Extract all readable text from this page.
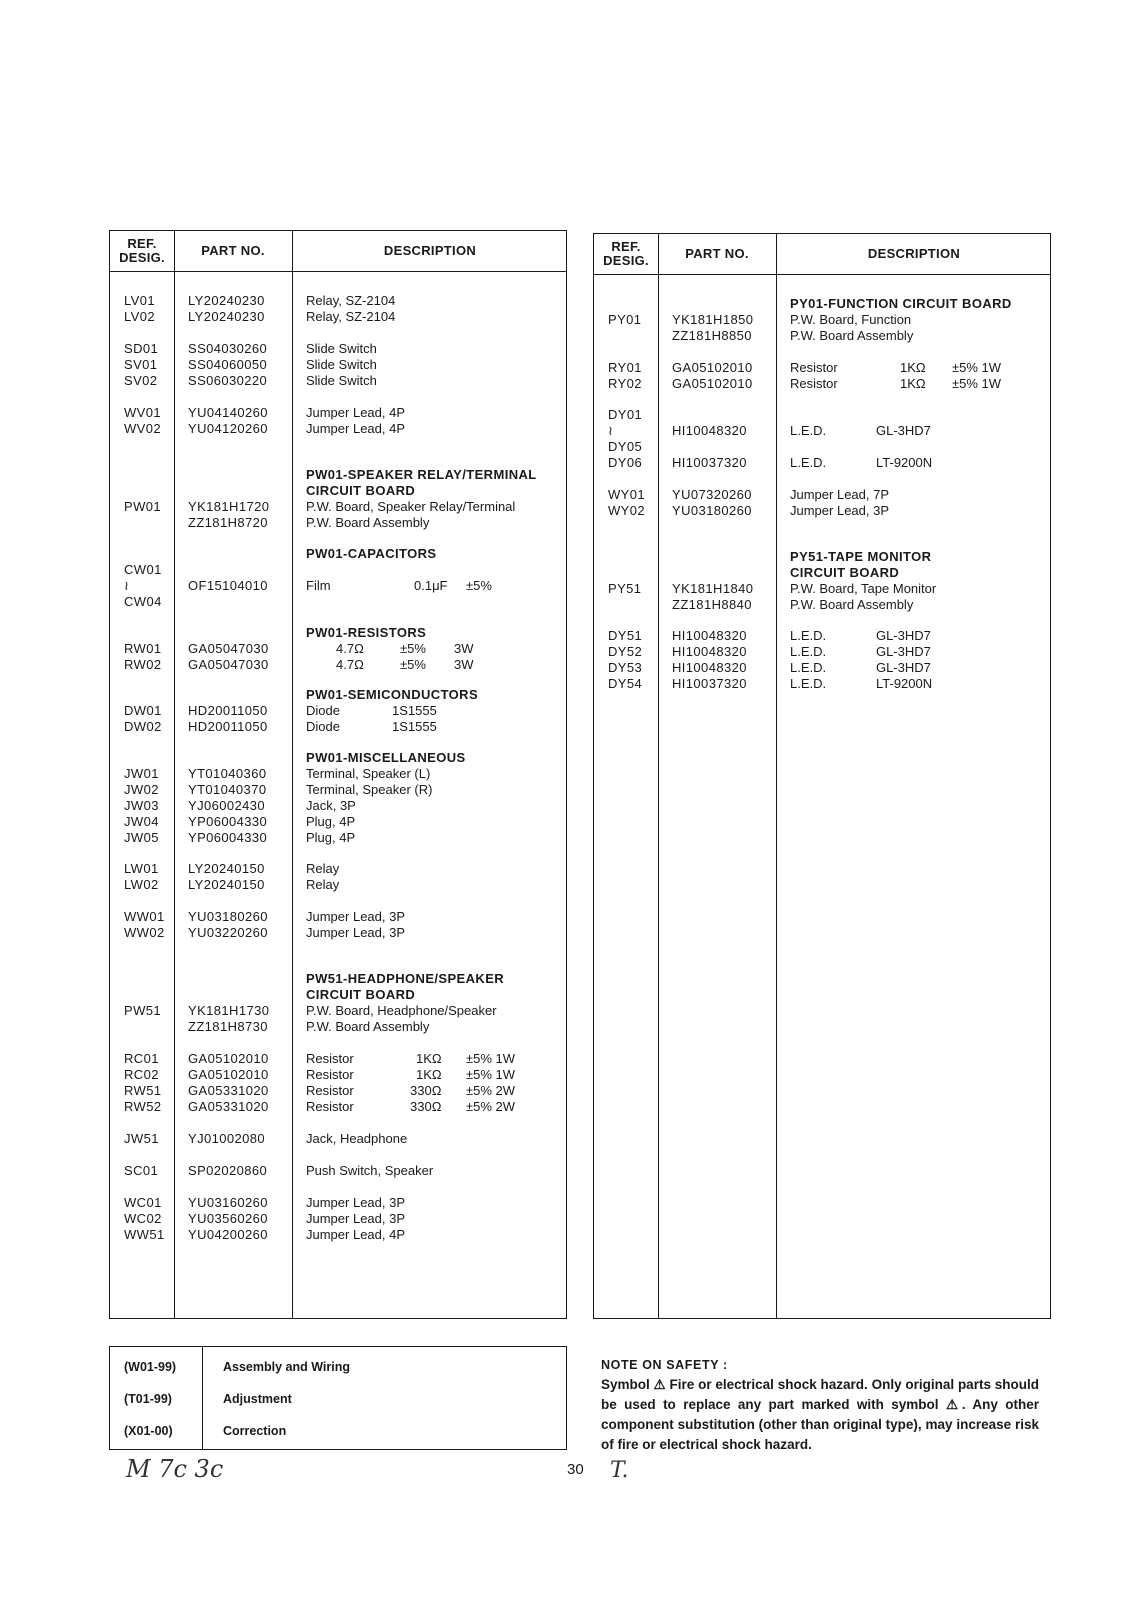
REF.
DESIG.	PART NO.	DESCRIPTION
LV01	LY20240230	Relay, SZ-2104
LV02	LY20240230	Relay, SZ-2104
SD01 SS04030260	Slide Switch
SV01 SS04060050	Slide Switch
SV02 SS06030220	Slide Switch
WV01 YU04140260	Jumper Lead, 4P
WV02 YU04120260	Jumper Lead, 4P
PW01-SPEAKER RELAY/TERMINAL
CIRCUIT BOARD
PW01 YK181H1720	P.W. Board, Speaker Relay/Terminal
ZZ181H8720	P.W. Board Assembly
PW01-CAPACITORS
CW01
≀	OF15104010	Film	0.1μF ±5%
CW04
PW01-RESISTORS
RW01 GA05047030	4.7Ω	±5% 3W
RW02 GA05047030	4.7Ω	±5% 3W
PW01-SEMICONDUCTORS
DW01 HD20011050	Diode	1S1555
DW02 HD20011050	Diode	1S1555
PW01-MISCELLANEOUS
JW01 YT01040360	Terminal, Speaker (L)
JW02 YT01040370	Terminal, Speaker (R)
JW03 YJ06002430	Jack, 3P
JW04 YP06004330	Plug, 4P
JW05 YP06004330	Plug, 4P
LW01 LY20240150	Relay
LW02 LY20240150	Relay
WW01 YU03180260	Jumper Lead, 3P
WW02 YU03220260	Jumper Lead, 3P
PW51-HEADPHONE/SPEAKER
CIRCUIT BOARD
PW51 YK181H1730	P.W. Board, Headphone/Speaker
ZZ181H8730	P.W. Board Assembly
RC01 GA05102010	Resistor	1KΩ ±5% 1W
RC02 GA05102010	Resistor	1KΩ ±5% 1W
RW51 GA05331020	Resistor	330Ω ±5% 2W
RW52 GA05331020	Resistor	330Ω ±5% 2W
JW51 YJ01002080	Jack, Headphone
SC01 SP02020860	Push Switch, Speaker
WC01 YU03160260	Jumper Lead, 3P
WC02 YU03560260	Jumper Lead, 3P
WW51 YU04200260	Jumper Lead, 4P
REF.
DESIG.	PART NO.	DESCRIPTION
PY01-FUNCTION CIRCUIT BOARD
PY01 YK181H1850	P.W. Board, Function
ZZ181H8850	P.W. Board Assembly
RY01 GA05102010	Resistor	1KΩ ±5% 1W
RY02 GA05102010	Resistor	1KΩ ±5% 1W
DY01
≀	HI10048320	L.E.D.	GL-3HD7
DY05
DY06 HI10037320	L.E.D.	LT-9200N
WY01 YU07320260	Jumper Lead, 7P
WY02 YU03180260	Jumper Lead, 3P
PY51-TAPE MONITOR
CIRCUIT BOARD
PY51 YK181H1840	P.W. Board, Tape Monitor
ZZ181H8840	P.W. Board Assembly
DY51 HI10048320	L.E.D.	GL-3HD7
DY52 HI10048320	L.E.D.	GL-3HD7
DY53 HI10048320	L.E.D.	GL-3HD7
DY54 HI10037320	L.E.D.	LT-9200N
(W01-99)	Assembly and Wiring
(T01-99)	Adjustment
(X01-00)	Correction
NOTE ON SAFETY :
Symbol ⚠ Fire or electrical shock hazard. Only original parts should be used to replace any part marked with symbol ⚠. Any other component substitution (other than original type), may increase risk of fire or electrical shock hazard.
30
M 7c 3c	T.
